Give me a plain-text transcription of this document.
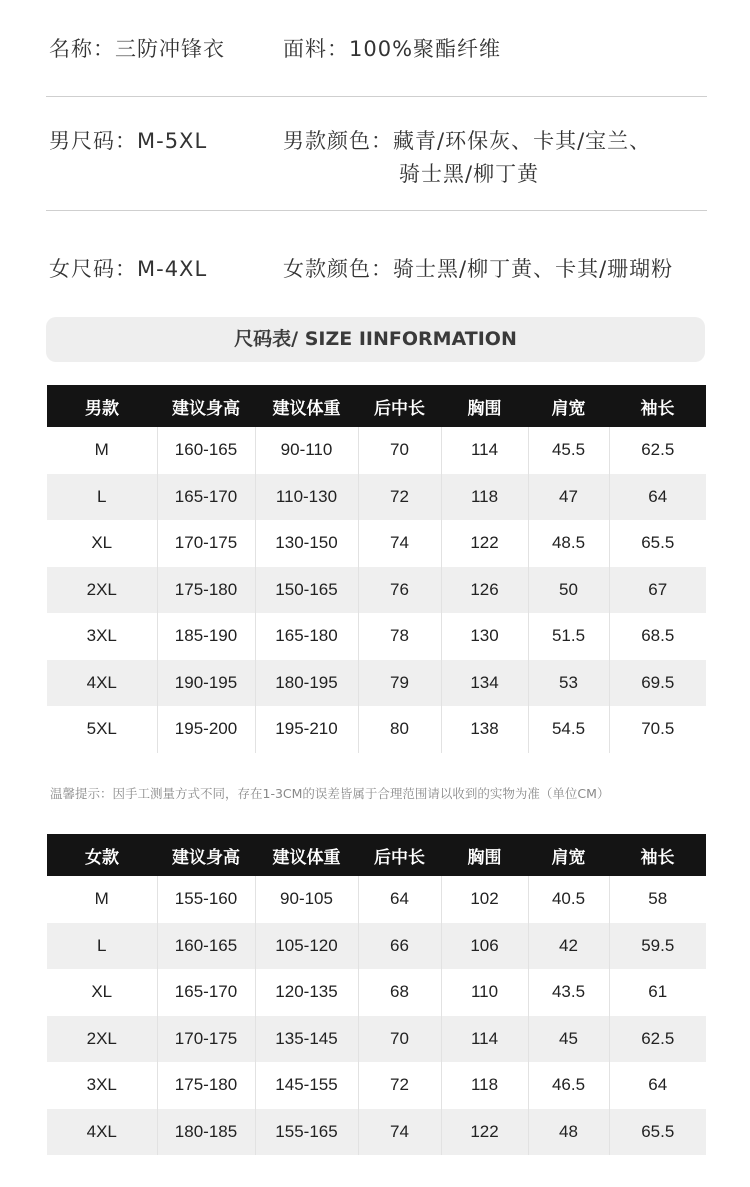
名称：三防冲锋衣	面料：100%聚酯纤维
男尺码：M-5XL	男款颜色：藏青/环保灰、卡其/宝兰、
骑士黑/柳丁黄
女尺码：M-4XL	女款颜色：骑士黑/柳丁黄、卡其/珊瑚粉
尺码表/ SIZE IINFORMATION
男款	建议身高	建议体重	后中长	胸围	肩宽	袖长
M	160-165	90-110	70	114	45.5	62.5
L	165-170	110-130	72	118	47	64
XL	170-175	130-150	74	122	48.5	65.5
2XL	175-180	150-165	76	126	50	67
3XL	185-190	165-180	78	130	51.5	68.5
4XL	190-195	180-195	79	134	53	69.5
5XL	195-200	195-210	80	138	54.5	70.5
温馨提示：因手工测量方式不同，存在1-3CM的误差皆属于合理范围请以收到的实物为准（单位CM）
女款	建议身高	建议体重	后中长	胸围	肩宽	袖长
M	155-160	90-105	64	102	40.5	58
L	160-165	105-120	66	106	42	59.5
XL	165-170	120-135	68	110	43.5	61
2XL	170-175	135-145	70	114	45	62.5
3XL	175-180	145-155	72	118	46.5	64
4XL	180-185	155-165	74	122	48	65.5
